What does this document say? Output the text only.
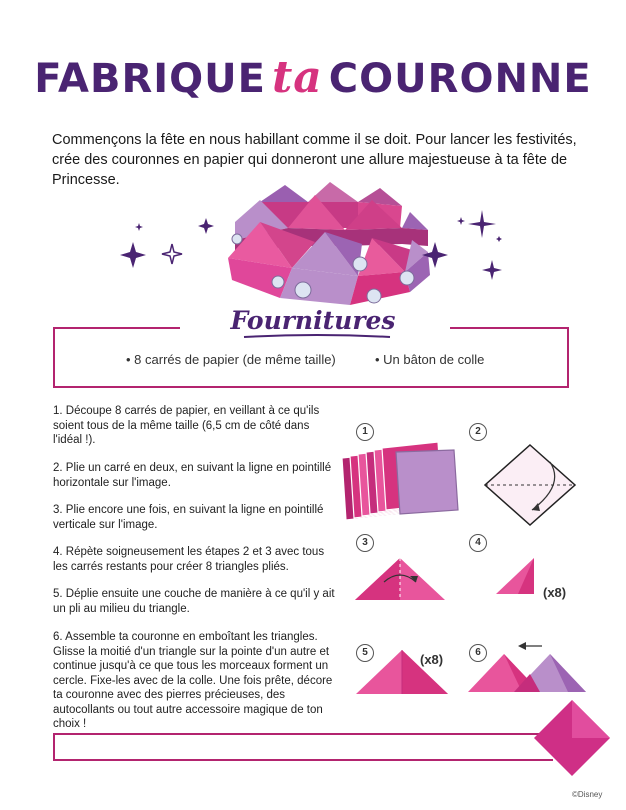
FABRIQUE ta COURONNE
Commençons la fête en nous habillant comme il se doit. Pour lancer les festivités, crée des couronnes en papier qui donneront une allure majestueuse à ta fête de Princesse.
Fournitures
• 8 carrés de papier (de même taille)	• Un bâton de colle
1. Découpe 8 carrés de papier, en veillant à ce qu'ils soient tous de la même taille (6,5 cm de côté dans l'idéal !).
2. Plie un carré en deux, en suivant la ligne en pointillé horizontale sur l'image.
3. Plie encore une fois, en suivant la ligne en pointillé verticale sur l'image.
4. Répète soigneusement les étapes 2 et 3 avec tous les carrés restants pour créer 8 triangles pliés.
5. Déplie ensuite une couche de manière à ce qu'il y ait un pli au milieu du triangle.
6. Assemble ta couronne en emboîtant les triangles. Glisse la moitié d'un triangle sur la pointe d'un autre et continue jusqu'à ce que tous les morceaux forment un cercle. Fixe-les avec de la colle. Une fois prête, décore ta couronne avec des pierres précieuses, des autocollants ou tout autre accessoire magique de ton choix !
1	2
3	4
5	6
(x8)
(x8)
©Disney
